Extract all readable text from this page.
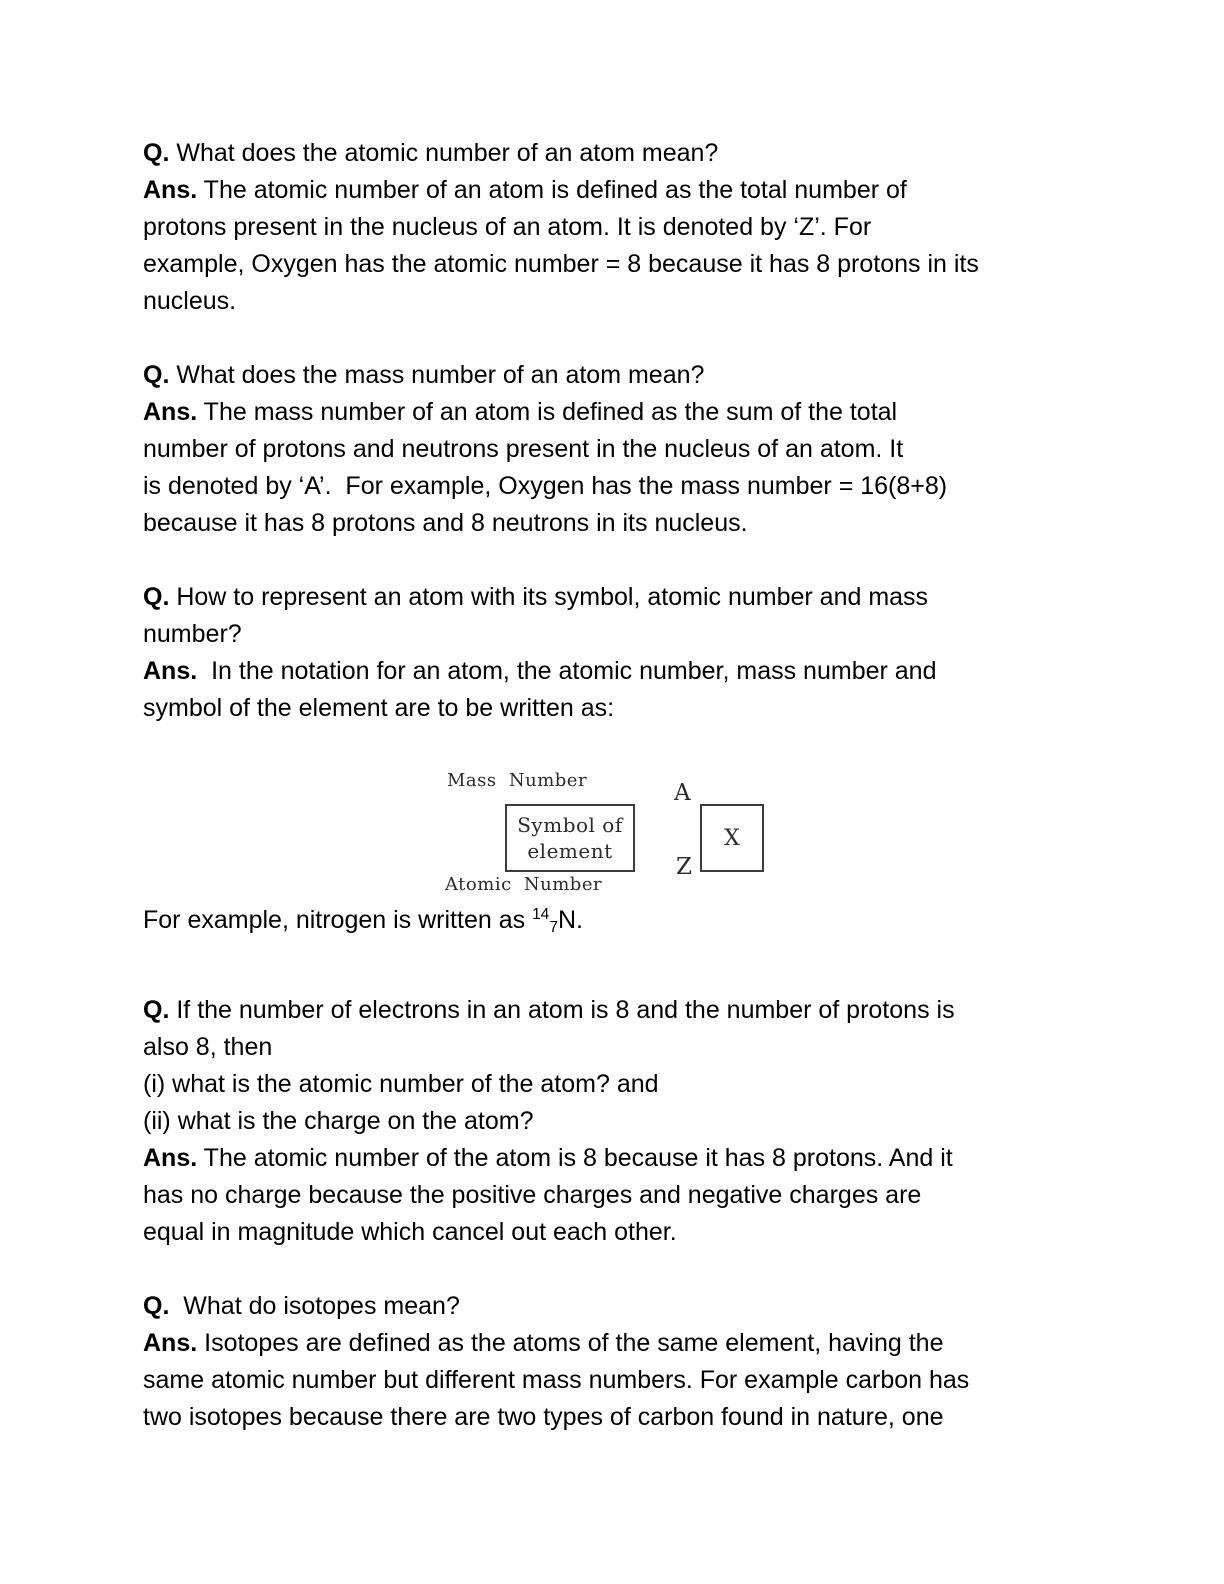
Q. What does the atomic number of an atom mean?
Ans. The atomic number of an atom is defined as the total number of
protons present in the nucleus of an atom. It is denoted by ‘Z’. For
example, Oxygen has the atomic number = 8 because it has 8 protons in its
nucleus.
Q. What does the mass number of an atom mean?
Ans. The mass number of an atom is defined as the sum of the total
number of protons and neutrons present in the nucleus of an atom. It
is denoted by ‘A’.  For example, Oxygen has the mass number = 16(8+8)
because it has 8 protons and 8 neutrons in its nucleus.
Q. How to represent an atom with its symbol, atomic number and mass
number?
Ans.  In the notation for an atom, the atomic number, mass number and
symbol of the element are to be written as:
Mass Number
Symbol of
element
Atomic Number
A
X
Z
For example, nitrogen is written as $^{14}$7N.
Q. If the number of electrons in an atom is 8 and the number of protons is
also 8, then
(i) what is the atomic number of the atom? and
(ii) what is the charge on the atom?
Ans. The atomic number of the atom is 8 because it has 8 protons. And it
has no charge because the positive charges and negative charges are
equal in magnitude which cancel out each other.
Q.  What do isotopes mean?
Ans. Isotopes are defined as the atoms of the same element, having the
same atomic number but different mass numbers. For example carbon has
two isotopes because there are two types of carbon found in nature, one
